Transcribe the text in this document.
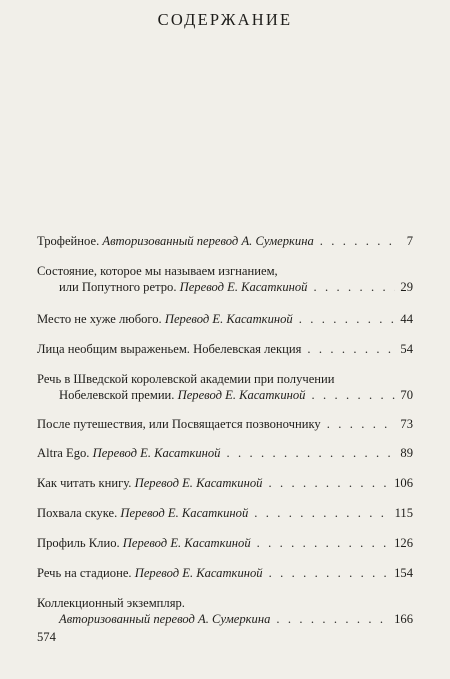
СОДЕРЖАНИЕ
Трофейное.
Авторизованный перевод А. Сумеркина . . .	7
Состояние, которое мы называем изгнанием,
или Попутного ретро.
Перевод Е. Касаткиной . . .	29
Место не хуже любого.
Перевод Е. Касаткиной . . .	44
Лица необщим выраженьем. Нобелевская лекция . . .	54
Речь в Шведской королевской академии при получении
Нобелевской премии.
Перевод Е. Касаткиной . . .	70
После путешествия, или Посвящается позвоночнику . . .	73
Altra Ego.
Перевод Е. Касаткиной . . .	89
Как читать книгу.
Перевод Е. Касаткиной . . .	106
Похвала скуке.
Перевод Е. Касаткиной . . .	115
Профиль Клио.
Перевод Е. Касаткиной . . .	126
Речь на стадионе.
Перевод Е. Касаткиной . . .	154
Коллекционный экземпляр.
Авторизованный перевод А. Сумеркина . . .	166
574
